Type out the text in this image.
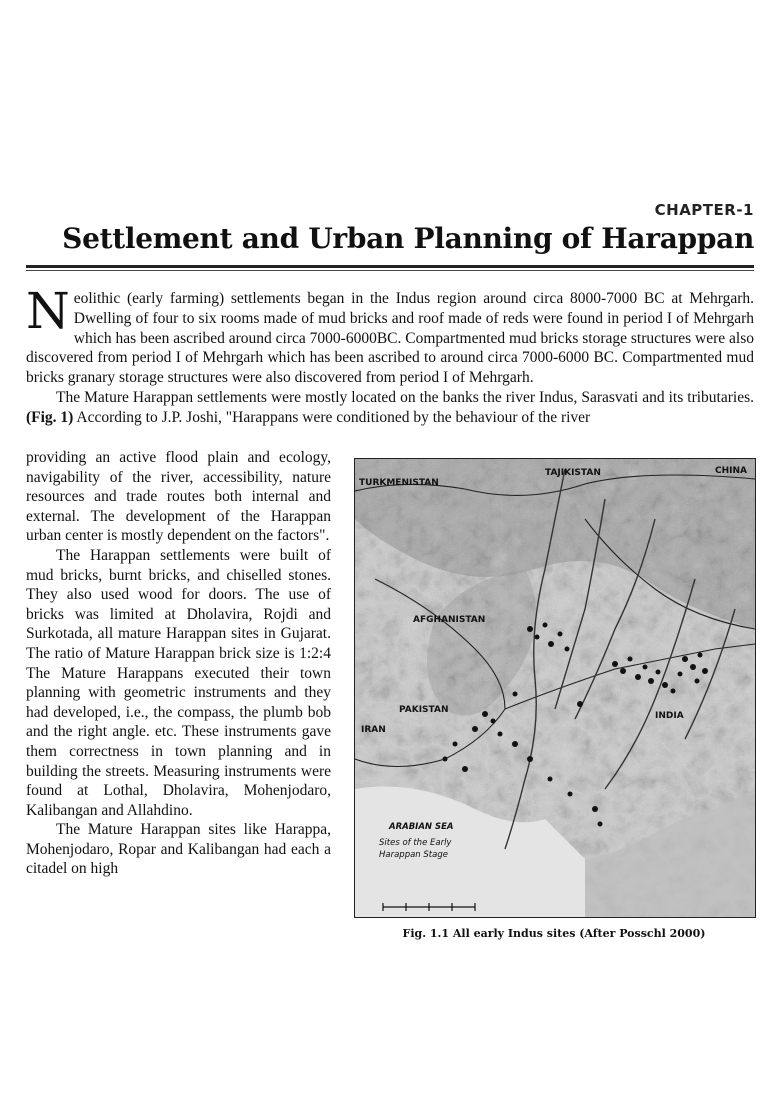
CHAPTER-1
Settlement and Urban Planning of Harappan

Neolithic (early farming) settlements began in the Indus region around circa 8000-7000 BC at Mehrgarh. Dwelling of four to six rooms made of mud bricks and roof made of reds were found in period I of Mehrgarh which has been ascribed around circa 7000-6000BC. Compartmented mud bricks storage structures were also discovered from period I of Mehrgarh which has been ascribed to around circa 7000-6000 BC. Compartmented mud bricks granary storage structures were also discovered from period I of Mehrgarh.

The Mature Harappan settlements were mostly located on the banks the river Indus, Sarasvati and its tributaries. (Fig. 1) According to J.P. Joshi, "Harappans were conditioned by the behaviour of the river

providing an active flood plain and ecology, navigability of the river, accessibility, nature resources and trade routes both internal and external. The development of the Harappan urban center is mostly dependent on the factors".

The Harappan settlements were built of mud bricks, burnt bricks, and chiselled stones. They also used wood for doors. The use of bricks was limited at Dholavira, Rojdi and Surkotada, all mature Harappan sites in Gujarat. The ratio of Mature Harappan brick size is 1:2:4 The Mature Harappans executed their town planning with geometric instruments and they had developed, i.e., the compass, the plumb bob and the right angle. etc. These instruments gave them correctness in town planning and in building the streets. Measuring instruments were found at Lothal, Dholavira, Mohenjodaro, Kalibangan and Allahdino.

The Mature Harappan sites like Harappa, Mohenjodaro, Ropar and Kalibangan had each a citadel on high

TURKMENISTAN
TAJIKISTAN	CHINA
AFGHANISTAN
PAKISTAN
IRAN
INDIA
ARABIAN SEA
Sites of the Early
Harappan Stage
Fig. 1.1 All early Indus sites (After Posschl 2000)
